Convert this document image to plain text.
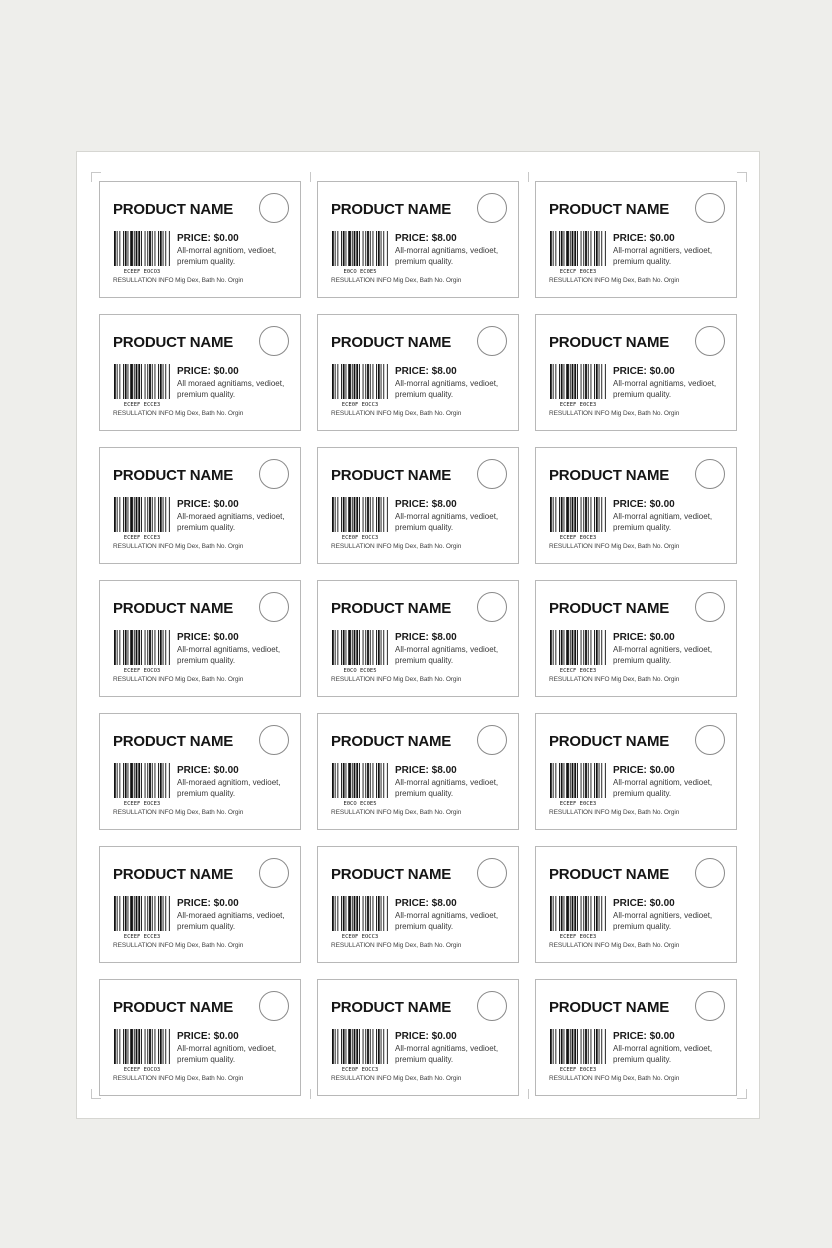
PRODUCT NAME
ECEEF EOCO3
PRICE: $0.00
All-morral agnitiom, vedioet,
premium quality.
RESULLATION INFO Mig Dex, Bath No. Orgin
PRODUCT NAME
E0CO EC0E5
PRICE: $8.00
All-morral agnitiams, vedioet,
premium quality.
RESULLATION INFO Mig Dex, Bath No. Orgin
PRODUCT NAME
ECECF E0CE3
PRICE: $0.00
All-morral agnitiers, vedioet,
premium quality.
RESULLATION INFO Mig Dex, Bath No. Orgin
PRODUCT NAME
ECEEF ECCE3
PRICE: $0.00
All moraed agnitiams, vedioet,
premium quality.
RESULLATION INFO Mig Dex, Bath No. Orgin
PRODUCT NAME
ECE0F EOCC3
PRICE: $8.00
All-morral agnitiams, vedioet,
premium quality.
RESULLATION INFO Mig Dex, Bath No. Orgin
PRODUCT NAME
ECEEF E0CE3
PRICE: $0.00
All-morral agnitiams, vedioet,
premium quality.
RESULLATION INFO Mig Dex, Bath No. Orgin
PRODUCT NAME
ECEEF ECCE3
PRICE: $0.00
All-moraed agnitiams, vedioet,
premium quality.
RESULLATION INFO Mig Dex, Bath No. Orgin
PRODUCT NAME
ECE0F EOCC3
PRICE: $8.00
All-morral agnitiams, vedioet,
premium quality.
RESULLATION INFO Mig Dex, Bath No. Orgin
PRODUCT NAME
ECEEF E0CE3
PRICE: $0.00
All-morral agnitiam, vedioet,
premium quality.
RESULLATION INFO Mig Dex, Bath No. Orgin
PRODUCT NAME
ECEEF EOCO3
PRICE: $0.00
All-morral agnitiams, vedioet,
premium quality.
RESULLATION INFO Mig Dex, Bath No. Orgin
PRODUCT NAME
E0CO EC0E5
PRICE: $8.00
All-morral agnitiams, vedioet,
premium quality.
RESULLATION INFO Mig Dex, Bath No. Orgin
PRODUCT NAME
ECECF E0CE3
PRICE: $0.00
All-morral agnitiers, vedioet,
premium quality.
RESULLATION INFO Mig Dex, Bath No. Orgin
PRODUCT NAME
ECEEF EOCE3
PRICE: $0.00
All-moraed agnitiom, vedioet,
premium quality.
RESULLATION INFO Mig Dex, Bath No. Orgin
PRODUCT NAME
E0CO EC0E5
PRICE: $8.00
All-morral agnitiams, vedioet,
premium quality.
RESULLATION INFO Mig Dex, Bath No. Orgin
PRODUCT NAME
ECEEF E0CE3
PRICE: $0.00
All-morral agnitiom, vedioet,
premium quality.
RESULLATION INFO Mig Dex, Bath No. Orgin
PRODUCT NAME
ECEEF ECCE3
PRICE: $0.00
All-moraed agnitiams, vedioet,
premium quality.
RESULLATION INFO Mig Dex, Bath No. Orgin
PRODUCT NAME
ECE0F EOCC3
PRICE: $8.00
All-morral agnitiams, vedioet,
premium quality.
RESULLATION INFO Mig Dex, Bath No. Orgin
PRODUCT NAME
ECEEF E0CE3
PRICE: $0.00
All-morral agnitiers, vedioet,
premium quality.
RESULLATION INFO Mig Dex, Bath No. Orgin
PRODUCT NAME
ECEEF EOCO3
PRICE: $0.00
All-morral agnitiom, vedioet,
premium quality.
RESULLATION INFO Mig Dex, Bath No. Orgin
PRODUCT NAME
ECE0F EOCC3
PRICE: $0.00
All-morral agnitiams, vedioet,
premium quality.
RESULLATION INFO Mig Dex, Bath No. Orgin
PRODUCT NAME
ECEEF E0CE3
PRICE: $0.00
All-morral agnitiom, vedioet,
premium quality.
RESULLATION INFO Mig Dex, Bath No. Orgin
